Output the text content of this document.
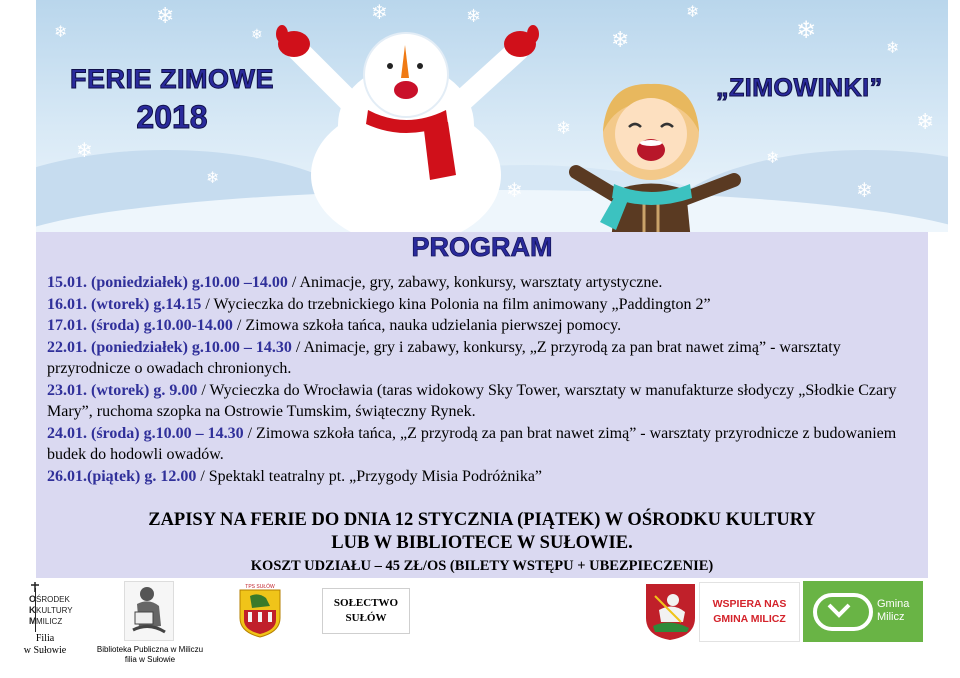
❄
❄
❄
❄	❄
❄
❄
❄
❄
❄
❄
❄
❄
❄
❄
❄
FERIE ZIMOWE
2018
„ZIMOWINKI”
PROGRAM
15.01. (poniedziałek) g.10.00 –14.00 / Animacje, gry, zabawy, konkursy, warsztaty artystyczne.
16.01. (wtorek) g.14.15 / Wycieczka do trzebnickiego kina Polonia na film animowany „Paddington 2”
17.01. (środa) g.10.00-14.00 / Zimowa szkoła tańca, nauka udzielania pierwszej pomocy.
22.01. (poniedziałek) g.10.00 – 14.30 / Animacje, gry i zabawy, konkursy, „Z przyrodą za pan brat nawet zimą” - warsztaty przyrodnicze o owadach chronionych.
23.01. (wtorek) g. 9.00 / Wycieczka do Wrocławia (taras widokowy Sky Tower, warsztaty w manufakturze słodyczy „Słodkie Czary Mary”, ruchoma szopka na Ostrowie Tumskim, świąteczny Rynek.
24.01. (środa) g.10.00 – 14.30 / Zimowa szkoła tańca, „Z przyrodą za pan brat nawet zimą” - warsztaty przyrodnicze z budowaniem budek do hodowli owadów.
26.01.(piątek) g. 12.00 / Spektakl teatralny pt. „Przygody Misia Podróżnika”
ZAPISY NA FERIE DO DNIA 12 STYCZNIA (PIĄTEK) W OŚRODKU KULTURY
LUB W BIBLIOTECE W SUŁOWIE.
KOSZT UDZIAŁU – 45 ZŁ/OS (BILETY WSTĘPU + UBEZPIECZENIE)
O
K
M
ŚRODEK
KULTURY
MILICZ
Filia
w Sułowie	Biblioteka Publiczna w Miliczu
filia w Sułowie
TPS SUŁÓW
SOŁECTWO
SUŁÓW
WSPIERA NAS
GMINA MILICZ
Gmina
Milicz
